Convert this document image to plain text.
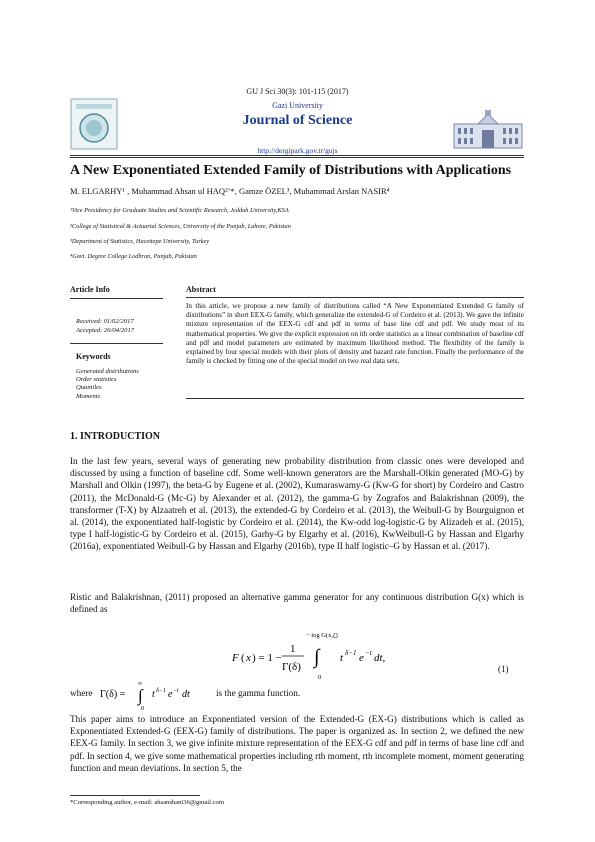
GU J Sci 30(3): 101-115 (2017)
Gazi University
Journal of Science
http://dergipark.gov.tr/gujs
A New Exponentiated Extended Family of Distributions with Applications
M. ELGARHY¹ , Muhammad Ahsan ul HAQ²’*, Gamze ÖZEL³, Muhammad Arslan NASIR⁴
¹Vice Presidency for Graduate Studies and Scientific Research, Jeddah University,KSA
²College of Statistical & Actuarial Sciences, University of the Punjab, Lahore, Pakistan
³Department of Statistics, Hacettepe University, Turkey
⁴Govt. Degree College Lodhran, Punjab, Pakistan
Article Info
Received: 01/02/2017
Accepted: 26/04/2017
Keywords
Generated distributions
Order statistics
Quantiles
Moments
Abstract
In this article, we propose a new family of distributions called “A New Exponentiated Extended G family of distributions” in short EEX-G family, which generalize the extended-G of Cordeiro et al. (2013). We gave the infinite mixture representation of the EEX-G cdf and pdf in terms of base line cdf and pdf. We study most of its mathematical properties. We give the explicit expression on ith order statistics as a linear combination of baseline cdf and pdf and model parameters are estimated by maximum likelihood method. The flexibility of the family is explained by four special models with their plots of density and hazard rate function. Finally the performance of the family is checked by fitting one of the special model on two real data sets.
1. INTRODUCTION
In the last few years, several ways of generating new probability distribution from classic ones were developed and discussed by using a function of baseline cdf. Some well-known generators are the Marshall-Olkin generated (MO-G) by Marshall and Olkin (1997), the beta-G by Eugene et al. (2002), Kumaraswamy-G (Kw-G for short) by Cordeiro and Castro (2011), the McDonald-G (Mc-G) by Alexander et al. (2012), the gamma-G by Zografos and Balakrishnan (2009), the transformer (T-X) by Alzaatreh et al. (2013), the extended-G by Cordeiro et al. (2013), the Weibull-G by Bourguignon et al. (2014), the exponentiated half-logistic by Cordeiro et al. (2014), the Kw-odd log-logistic-G by Alizadeh et al. (2015), type I half-logistic-G by Cordeiro et al. (2015), Garhy-G by Elgarhy et al. (2016), KwWeibull-G by Hassan and Elgarhy (2016a), exponentiated Weibull-G by Hassan and Elgarhy (2016b), type II half logistic–G by Hassan et al. (2017).
Ristic and Balakrishnan, (2011) proposed an alternative gamma generator for any continuous distribution G(x) which is defined as
F ( x ) = 1 −
1
Γ(δ)
− log G(x,ζ)
∫
0
t δ−1 e −t dt,
(1)
where Γ(δ) =
∞
∫
0
t δ−1 e −t dt	is the gamma function.
This paper aims to introduce an Exponentiated version of the Extended-G (EX-G) distributions which is called as Exponentiated Extended-G (EEX-G) family of distributions. The paper is organized as. In section 2, we defined the new EEX-G family. In section 3, we give infinite mixture representation of the EEX-G cdf and pdf in terms of base line cdf and pdf. In section 4, we give some mathematical properties including rth moment, rth incomplete moment, moment generating function and mean deviations. In section 5, the
*Corresponding author, e-mail: ahsanshani36@gmail.com
